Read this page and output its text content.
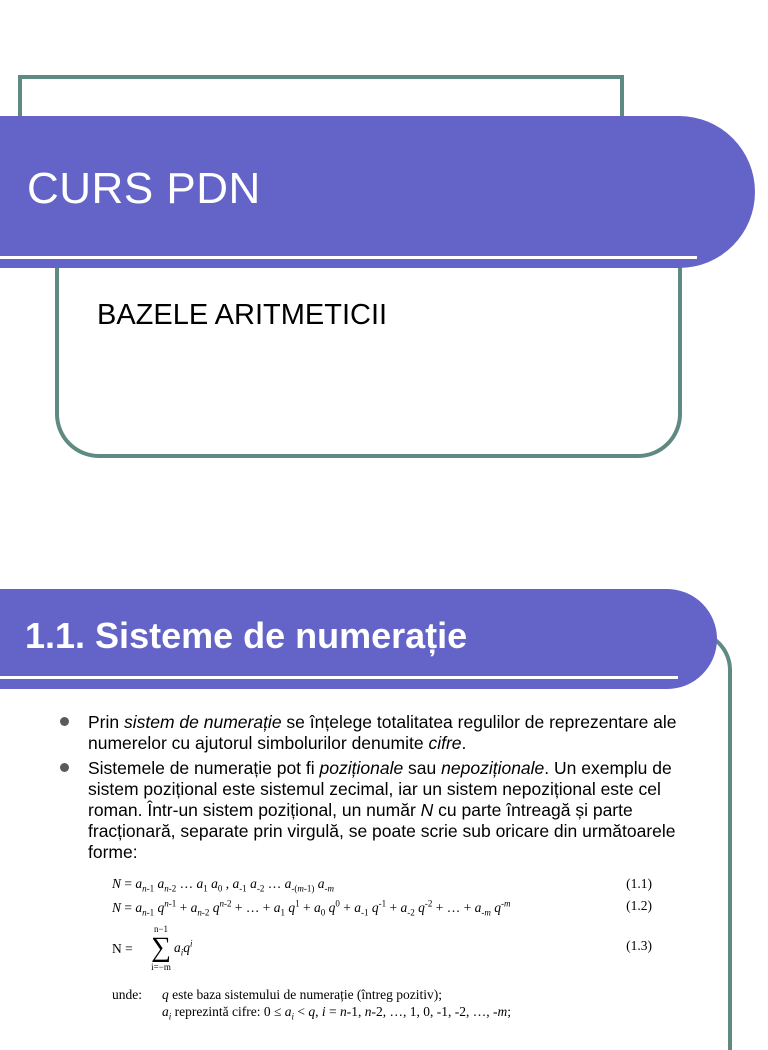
CURS PDN
BAZELE ARITMETICII
1.1. Sisteme de numerație
Prin sistem de numerație se înțelege totalitatea regulilor de reprezentare ale numerelor cu ajutorul simbolurilor denumite cifre.
Sistemele de numerație pot fi poziționale sau nepoziționale. Un exemplu de sistem pozițional este sistemul zecimal, iar un sistem nepozițional este cel roman. Într-un sistem pozițional, un număr N cu parte întreagă și parte fracționară, separate prin virgulă, se poate scrie sub oricare din următoarele forme:
$N = a_{n-1}$ $a_{n-2}$ … $a_1$ $a_0$ , $a_{-1}$ $a_{-2}$ … $a_{-(m-1)}$ $a_{-m}$	(1.1)
$N = a_{n-1}$ $q^{n-1} + a_{n-2}$ $q^{n-2}$ + … + $a_1$ $q^1 + a_0$ $q^0 + a_{-1}$ $q^{-1} + a_{-2}$ $q^{-2}$ + … + $a_{-m}$ $q^{-m}$	(1.2)
N =
n−1
∑
i=−m
$a_iq^i$	(1.3)
unde: q este baza sistemului de numerație (întreg pozitiv);
$a_i$ reprezintă cifre: $0 \le a_i < q$, i = n-1, n-2, …, 1, 0, -1, -2, …, -m;
